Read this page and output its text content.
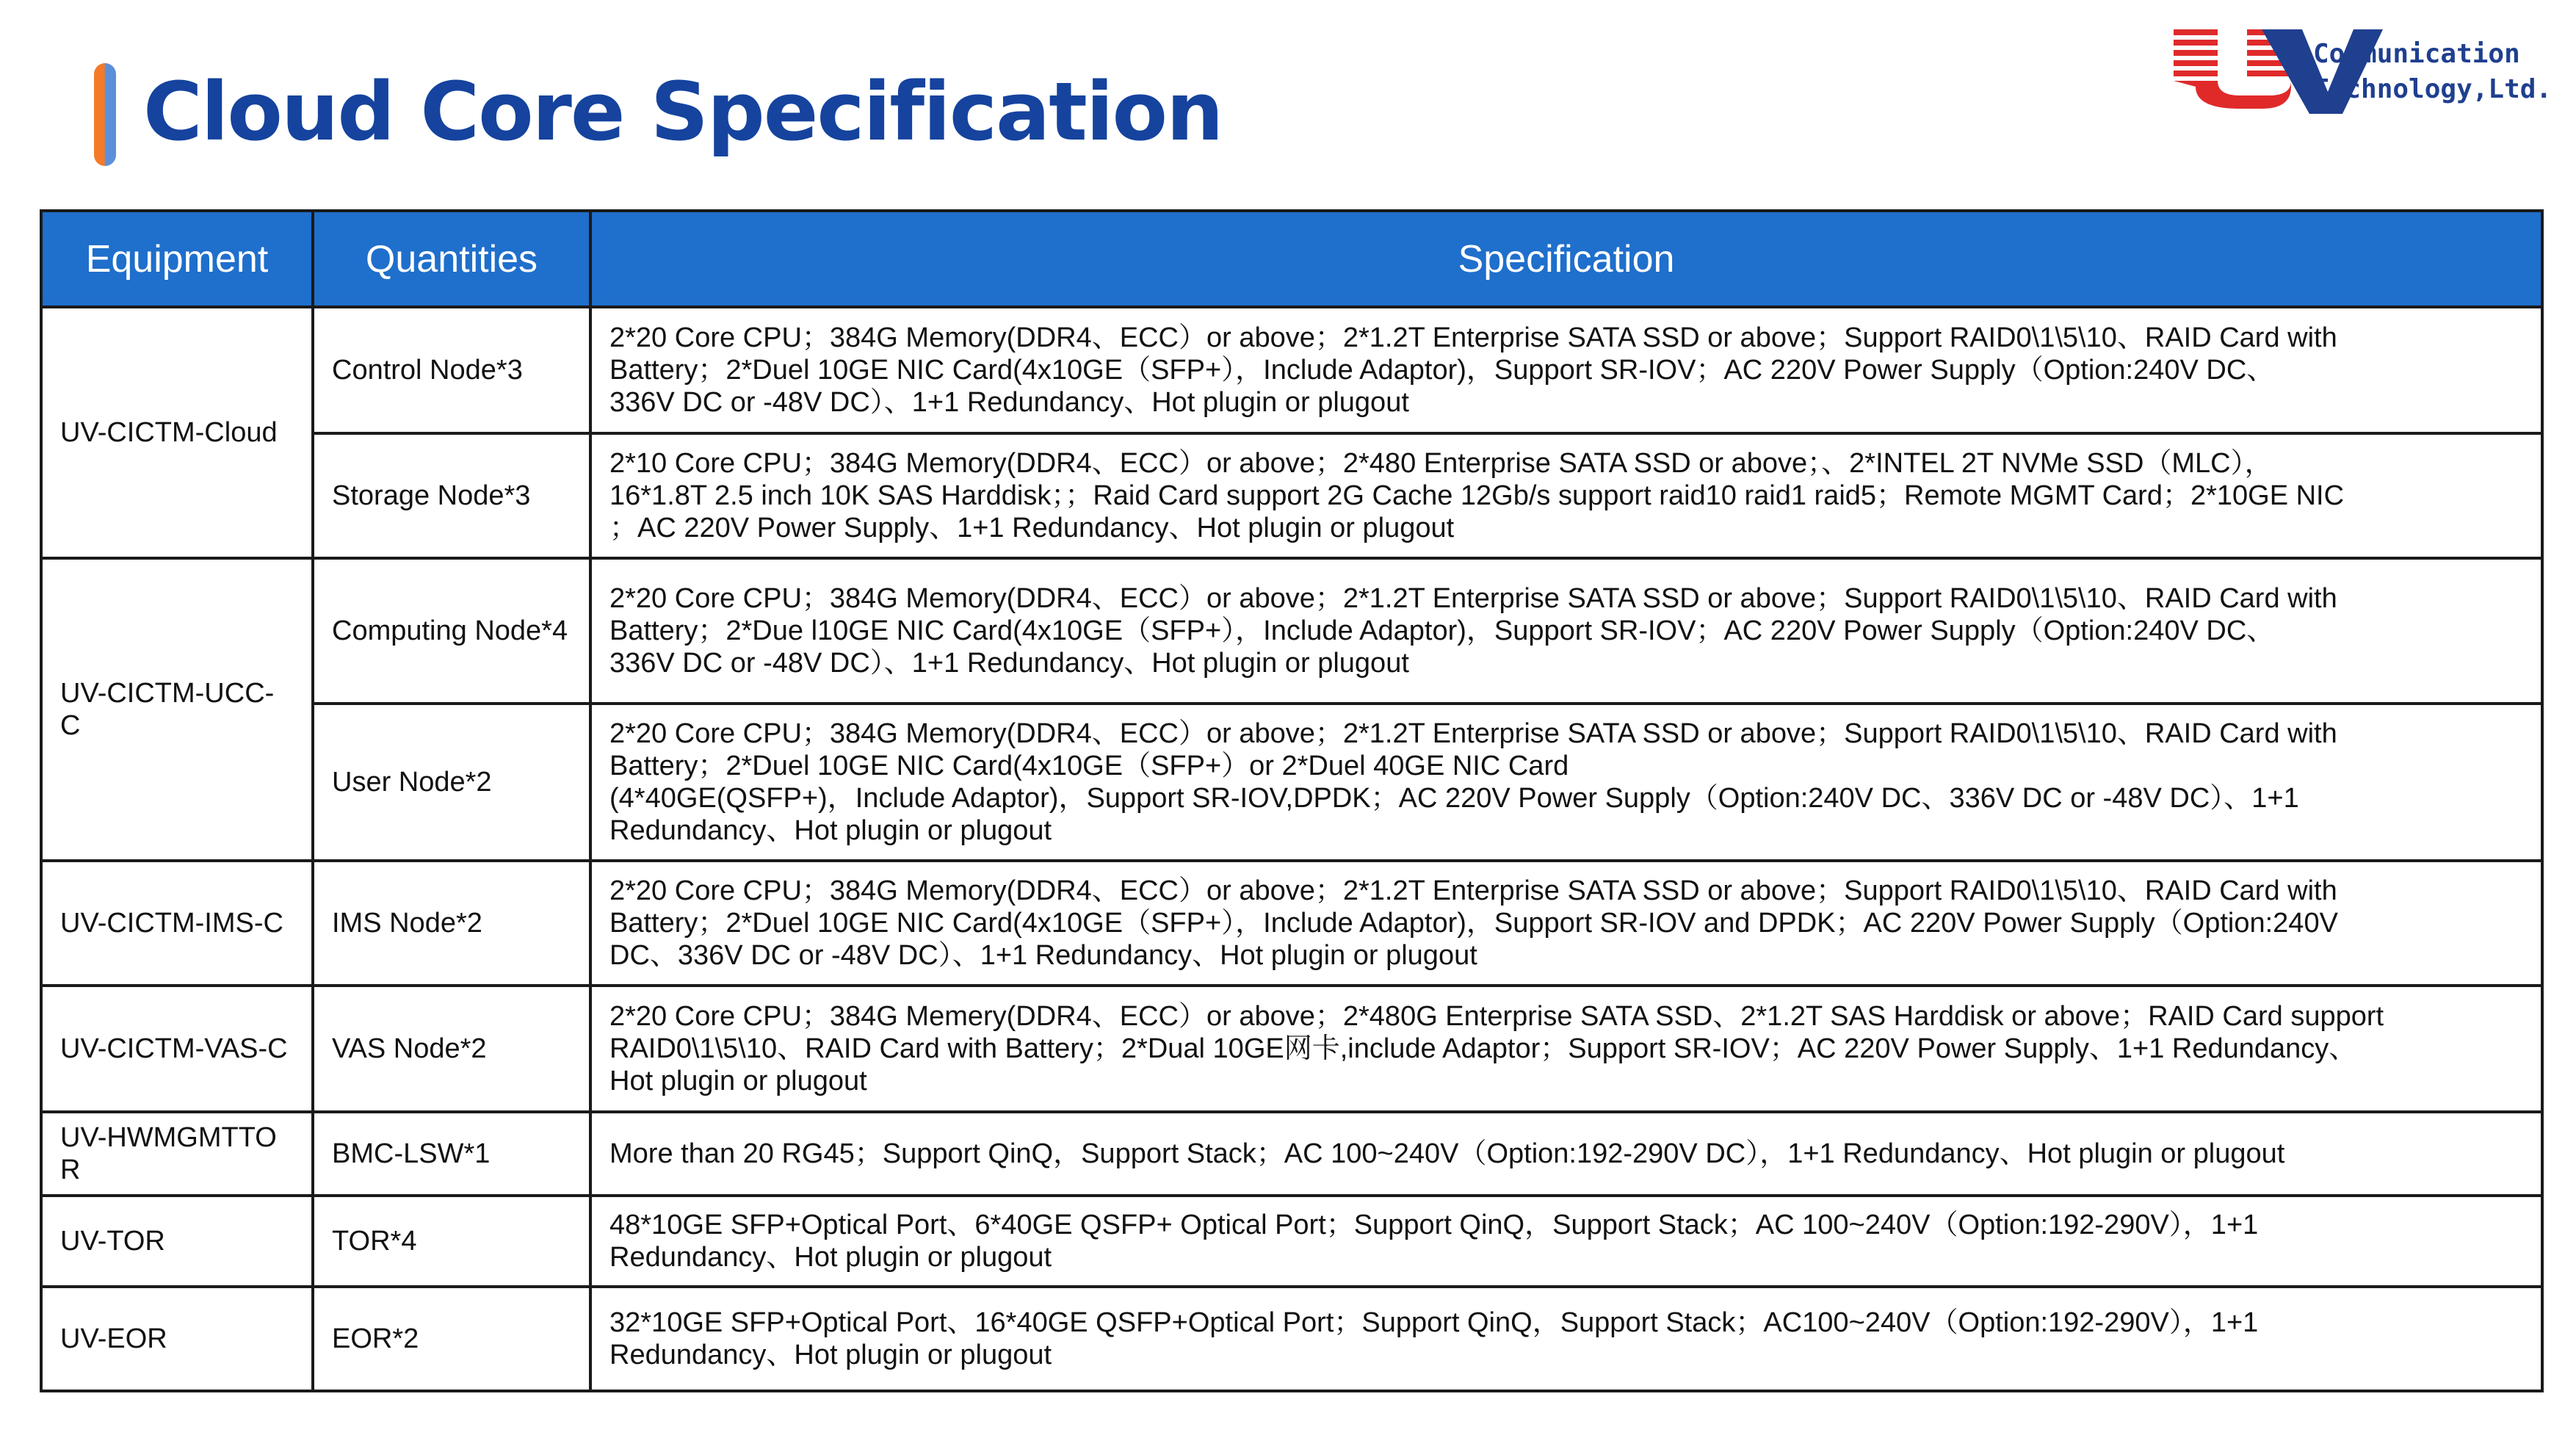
Cloud Core Specification
Communication
Technology,Ltd.
Equipment	Quantities	Specification
UV-CICTM-Cloud	Control Node*3	2*20 Core CPU；384G Memory(DDR4、ECC）or above；2*1.2T Enterprise SATA SSD or above；Support RAID0\1\5\10、RAID Card with
Battery；2*Duel 10GE NIC Card(4x10GE（SFP+），Include Adaptor)，Support SR-IOV；AC 220V Power Supply（Option:240V DC、
336V DC or -48V DC）、1+1 Redundancy、Hot plugin or plugout

	Storage Node*3	2*10 Core CPU；384G Memory(DDR4、ECC）or above；2*480 Enterprise SATA SSD or above；、2*INTEL 2T NVMe SSD（MLC），
16*1.8T 2.5 inch 10K SAS Harddisk；；Raid Card support 2G Cache 12Gb/s support raid10 raid1 raid5；Remote MGMT Card；2*10GE NIC
；AC 220V Power Supply、1+1 Redundancy、Hot plugin or plugout

UV-CICTM-UCC-C	Computing Node*4	2*20 Core CPU；384G Memory(DDR4、ECC）or above；2*1.2T Enterprise SATA SSD or above；Support RAID0\1\5\10、RAID Card with
Battery；2*Due l10GE NIC Card(4x10GE（SFP+），Include Adaptor)，Support SR-IOV；AC 220V Power Supply（Option:240V DC、
336V DC or -48V DC）、1+1 Redundancy、Hot plugin or plugout

	User Node*2	2*20 Core CPU；384G Memory(DDR4、ECC）or above；2*1.2T Enterprise SATA SSD or above；Support RAID0\1\5\10、RAID Card with
Battery；2*Duel 10GE NIC Card(4x10GE（SFP+）or 2*Duel 40GE NIC Card
(4*40GE(QSFP+)，Include Adaptor)，Support SR-IOV,DPDK；AC 220V Power Supply（Option:240V DC、336V DC or -48V DC）、1+1
Redundancy、Hot plugin or plugout

UV-CICTM-IMS-C	IMS Node*2	2*20 Core CPU；384G Memory(DDR4、ECC）or above；2*1.2T Enterprise SATA SSD or above；Support RAID0\1\5\10、RAID Card with
Battery；2*Duel 10GE NIC Card(4x10GE（SFP+），Include Adaptor)，Support SR-IOV and DPDK；AC 220V Power Supply（Option:240V
DC、336V DC or -48V DC）、1+1 Redundancy、Hot plugin or plugout

UV-CICTM-VAS-C	VAS Node*2	2*20 Core CPU；384G Memery(DDR4、ECC）or above；2*480G Enterprise SATA SSD、2*1.2T SAS Harddisk or above；RAID Card support
RAID0\1\5\10、RAID Card with Battery；2*Dual 10GE网卡,include Adaptor；Support SR-IOV；AC 220V Power Supply、1+1 Redundancy、
Hot plugin or plugout

UV-HWMGMTTOR	BMC-LSW*1	More than 20 RG45；Support QinQ，Support Stack；AC 100~240V（Option:192-290V DC），1+1 Redundancy、Hot plugin or plugout

UV-TOR	TOR*4	48*10GE SFP+Optical Port、6*40GE QSFP+ Optical Port；Support QinQ，Support Stack；AC 100~240V（Option:192-290V），1+1
Redundancy、Hot plugin or plugout

UV-EOR	EOR*2	32*10GE SFP+Optical Port、16*40GE QSFP+Optical Port；Support QinQ，Support Stack；AC100~240V（Option:192-290V），1+1
Redundancy、Hot plugin or plugout
